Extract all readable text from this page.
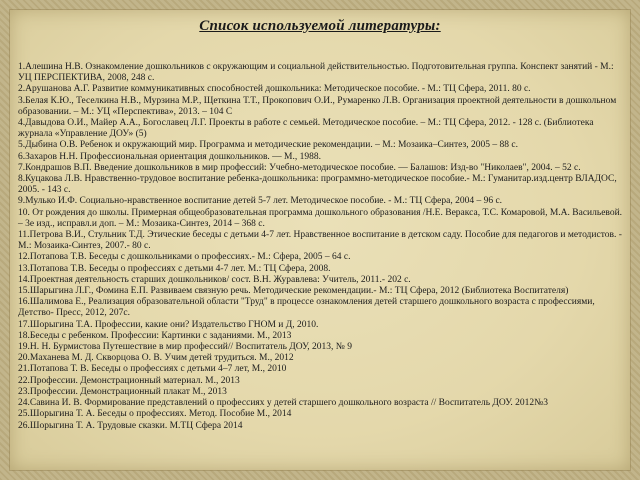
Список используемой литературы:

1.Алешина Н.В. Ознакомление дошкольников с окружающим и социальной действительностью. Подготовительная группа. Конспект занятий - М.: УЦ ПЕРСПЕКТИВА, 2008, 248 с.

2.Арушанова А.Г. Развитие коммуникативных способностей дошкольника: Методическое пособие. - М.: ТЦ Сфера, 2011. 80 с.

3.Белая К.Ю., Теселкина Н.В., Мурзина М.Р., Щеткина Т.Т., Прокопович О.И., Румаренко Л.В. Организация проектной деятельности в дошкольном образовании. – М.: УЦ «Перспектива», 2013. – 104 С

4.Давыдова О.И., Майер А.А., Богославец Л.Г. Проекты в работе с семьей. Методическое пособие. – М.: ТЦ Сфера, 2012. - 128 с. (Библиотека журнала «Управление ДОУ» (5)

5.Дыбина О.В. Ребенок и окружающий мир. Программа и методические рекомендации. – М.: Мозаика–Синтез, 2005 – 88 с.

6.Захаров Н.Н. Профессиональная ориентация дошкольников. — М., 1988.

7.Кондрашов В.П. Введение дошкольников в мир профессий: Учебно-методическое пособие. — Балашов: Изд-во "Николаев", 2004. – 52 с.

8.Куцакова Л.В. Нравственно-трудовое воспитание ребенка-дошкольника: программно-методическое пособие.- М.: Гуманитар.изд.центр ВЛАДОС, 2005. - 143 с.

9.Мулько И.Ф. Социально-нравственное воспитание детей 5-7 лет. Методическое пособие. - М.: ТЦ Сфера, 2004 – 96 с.

10. От рождения до школы. Примерная общеобразовательная программа дошкольного образования /Н.Е. Веракса, Т.С. Комаровой, М.А. Васильевой. – 3е изд., исправл.и доп. – М.: Мозаика-Синтез, 2014 – 368 с.

11.Петрова В.И., Стульник Т.Д. Этические беседы с детьми 4-7 лет. Нравственное воспитание в детском саду. Пособие для педагогов и методистов. - М.: Мозаика-Синтез, 2007.- 80 с.

12.Потапова Т.В. Беседы с дошкольниками о профессиях.- М.: Сфера, 2005 – 64 с.

13.Потапова Т.В. Беседы о профессиях с детьми 4-7 лет. М.: ТЦ Сфера, 2008.

14.Проектная деятельность старших дошкольников/ сост. В.Н. Журавлева: Учитель, 2011.- 202 с.

15.Шарыгина Л.Г., Фомина Е.П. Развиваем связную речь. Методические рекомендации.- М.: ТЦ Сфера, 2012 (Библиотека Воспитателя)

16.Шалимова Е., Реализация образовательной области "Труд" в процессе ознакомления детей старшего дошкольного возраста с профессиями, Детство- Пресс, 2012, 207с.

17.Шорыгина Т.А. Профессии, какие они? Издательство ГНОМ и Д, 2010.

18.Беседы с ребенком. Профессии: Картинки с заданиями. М., 2013

19.Н. Н. Бурмистова Путешествие в мир профессий// Воспитатель ДОУ, 2013, № 9

20.Маханева М. Д. Скворцова О. В. Учим детей трудиться. М., 2012

21.Потапова Т. В. Беседы о профессиях с детьми 4–7 лет, М., 2010

22.Профессии. Демонстрационный материал. М., 2013

23.Профессии. Демонстрационный плакат М., 2013

24.Савина И. В. Формирование представлений о профессиях у детей старшего дошкольного возраста // Воспитатель ДОУ. 2012№3

25.Шорыгина Т. А. Беседы о профессиях. Метод. Пособие М., 2014

26.Шорыгина Т. А. Трудовые сказки. М.ТЦ Сфера 2014
